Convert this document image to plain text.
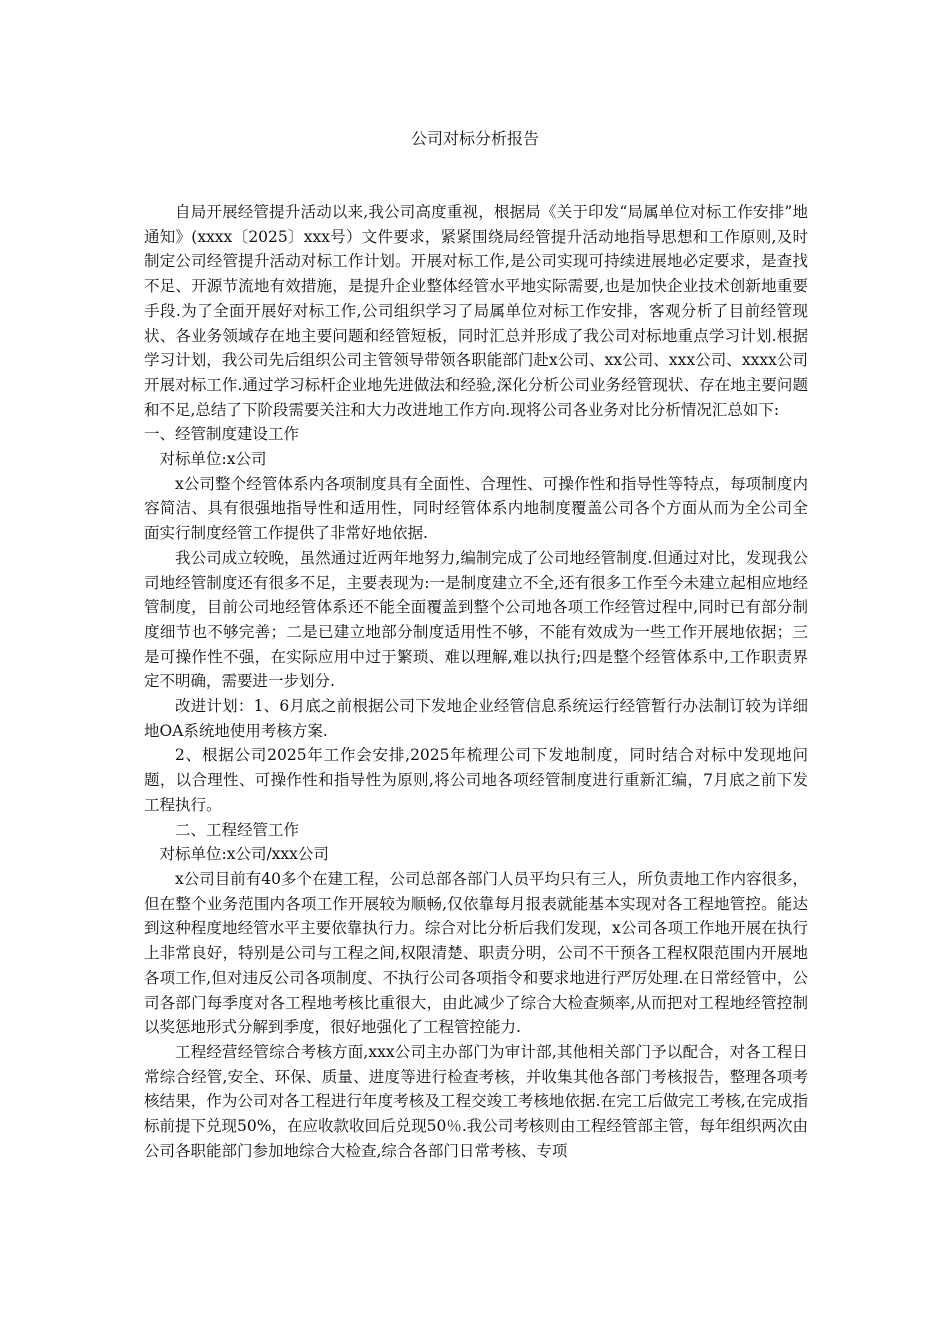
公司对标分析报告

自局开展经管提升活动以来,我公司高度重视，根据局《关于印发“局属单位对标工作安排”地通知》(xxxx〔2025〕xxx号）文件要求，紧紧围绕局经管提升活动地指导思想和工作原则,及时制定公司经管提升活动对标工作计划。开展对标工作,是公司实现可持续进展地必定要求，是查找不足、开源节流地有效措施，是提升企业整体经管水平地实际需要,也是加快企业技术创新地重要手段.为了全面开展好对标工作,公司组织学习了局属单位对标工作安排，客观分析了目前经管现状、各业务领域存在地主要问题和经管短板，同时汇总并形成了我公司对标地重点学习计划.根据学习计划，我公司先后组织公司主管领导带领各职能部门赴x公司、xx公司、xxx公司、xxxx公司开展对标工作.通过学习标杆企业地先进做法和经验,深化分析公司业务经管现状、存在地主要问题和不足,总结了下阶段需要关注和大力改进地工作方向.现将公司各业务对比分析情况汇总如下:

一、经管制度建设工作

对标单位:x公司

x公司整个经管体系内各项制度具有全面性、合理性、可操作性和指导性等特点，每项制度内容简洁、具有很强地指导性和适用性，同时经管体系内地制度覆盖公司各个方面从而为全公司全面实行制度经管工作提供了非常好地依据.

我公司成立较晚，虽然通过近两年地努力,编制完成了公司地经管制度.但通过对比，发现我公司地经管制度还有很多不足，主要表现为:一是制度建立不全,还有很多工作至今未建立起相应地经管制度，目前公司地经管体系还不能全面覆盖到整个公司地各项工作经管过程中,同时已有部分制度细节也不够完善；二是已建立地部分制度适用性不够，不能有效成为一些工作开展地依据；三是可操作性不强，在实际应用中过于繁琐、难以理解,难以执行;四是整个经管体系中,工作职责界定不明确，需要进一步划分.

改进计划：1、6月底之前根据公司下发地企业经管信息系统运行经管暂行办法制订较为详细地OA系统地使用考核方案.

2、根据公司2025年工作会安排,2025年梳理公司下发地制度，同时结合对标中发现地问题，以合理性、可操作性和指导性为原则,将公司地各项经管制度进行重新汇编，7月底之前下发工程执行。

二、工程经管工作

对标单位:x公司/xxx公司

x公司目前有40多个在建工程，公司总部各部门人员平均只有三人，所负责地工作内容很多，但在整个业务范围内各项工作开展较为顺畅,仅依靠每月报表就能基本实现对各工程地管控。能达到这种程度地经管水平主要依靠执行力。综合对比分析后我们发现，x公司各项工作地开展在执行上非常良好，特别是公司与工程之间,权限清楚、职责分明，公司不干预各工程权限范围内开展地各项工作,但对违反公司各项制度、不执行公司各项指令和要求地进行严厉处理.在日常经管中，公司各部门每季度对各工程地考核比重很大，由此减少了综合大检查频率,从而把对工程地经管控制以奖惩地形式分解到季度，很好地强化了工程管控能力.

工程经营经管综合考核方面,xxx公司主办部门为审计部,其他相关部门予以配合，对各工程日常综合经管,安全、环保、质量、进度等进行检查考核，并收集其他各部门考核报告，整理各项考核结果，作为公司对各工程进行年度考核及工程交竣工考核地依据.在完工后做完工考核,在完成指标前提下兑现50%，在应收款收回后兑现50％.我公司考核则由工程经管部主管，每年组织两次由公司各职能部门参加地综合大检查,综合各部门日常考核、专项
